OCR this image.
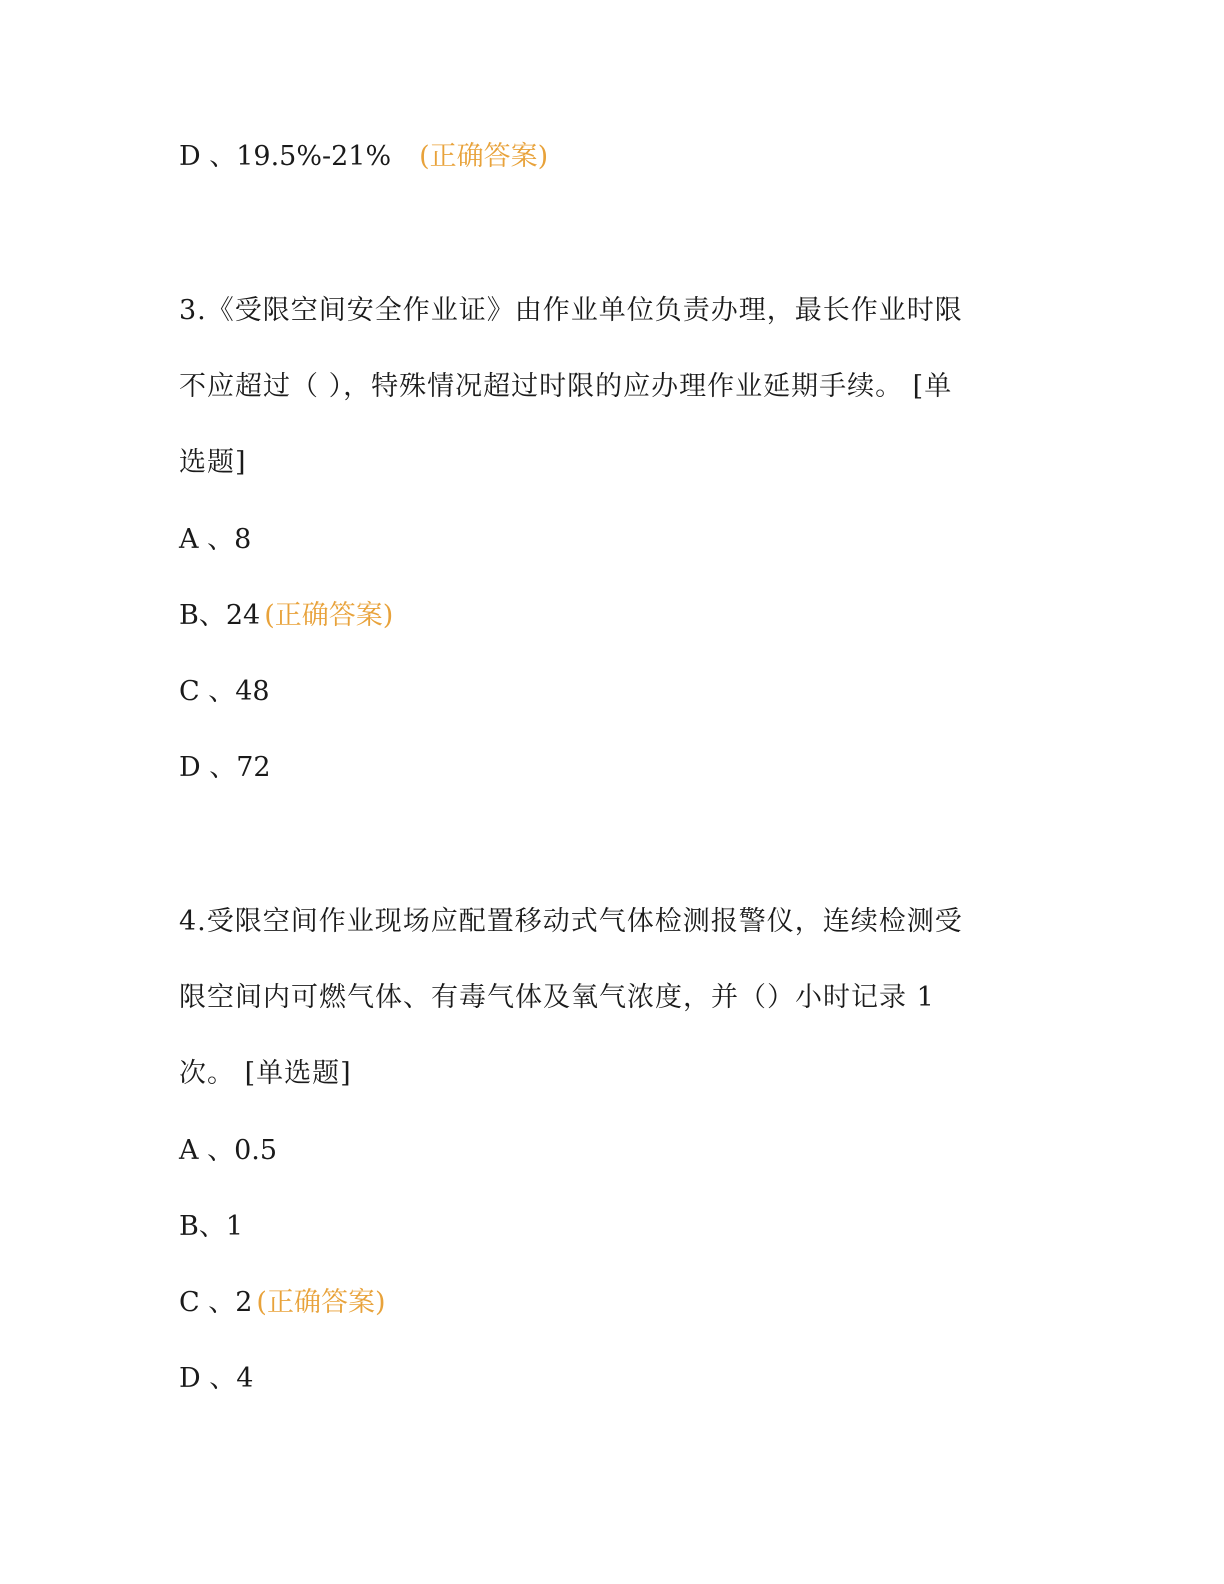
D 、19.5%-21% (正确答案)
3.《受限空间安全作业证》由作业单位负责办理，最长作业时限
不应超过（ ），特殊情况超过时限的应办理作业延期手续。 [单
选题]
A 、8
B、24 (正确答案)
C 、48
D 、72
4.受限空间作业现场应配置移动式气体检测报警仪，连续检测受
限空间内可燃气体、有毒气体及氧气浓度，并（）小时记录 1
次。 [单选题]
A 、0.5
B、1
C 、2 (正确答案)
D 、4
